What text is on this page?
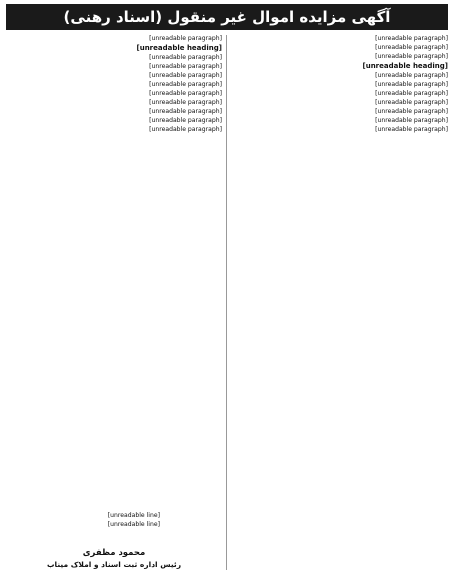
آگهی مزایده اموال غیر منقول (اسناد رهنی)

[unreadable paragraph]

[unreadable paragraph]

[unreadable paragraph]

[unreadable heading]

[unreadable paragraph]

[unreadable paragraph]

[unreadable paragraph]

[unreadable paragraph]

[unreadable paragraph]

[unreadable paragraph]

[unreadable paragraph]

[unreadable paragraph]

[unreadable heading]

[unreadable paragraph]

[unreadable paragraph]

[unreadable paragraph]

[unreadable paragraph]

[unreadable paragraph]

[unreadable paragraph]

[unreadable paragraph]

[unreadable paragraph]

[unreadable paragraph]

[unreadable line]
[unreadable line]
محمود مظفری
رئیس اداره ثبت اسناد و املاک میناب
